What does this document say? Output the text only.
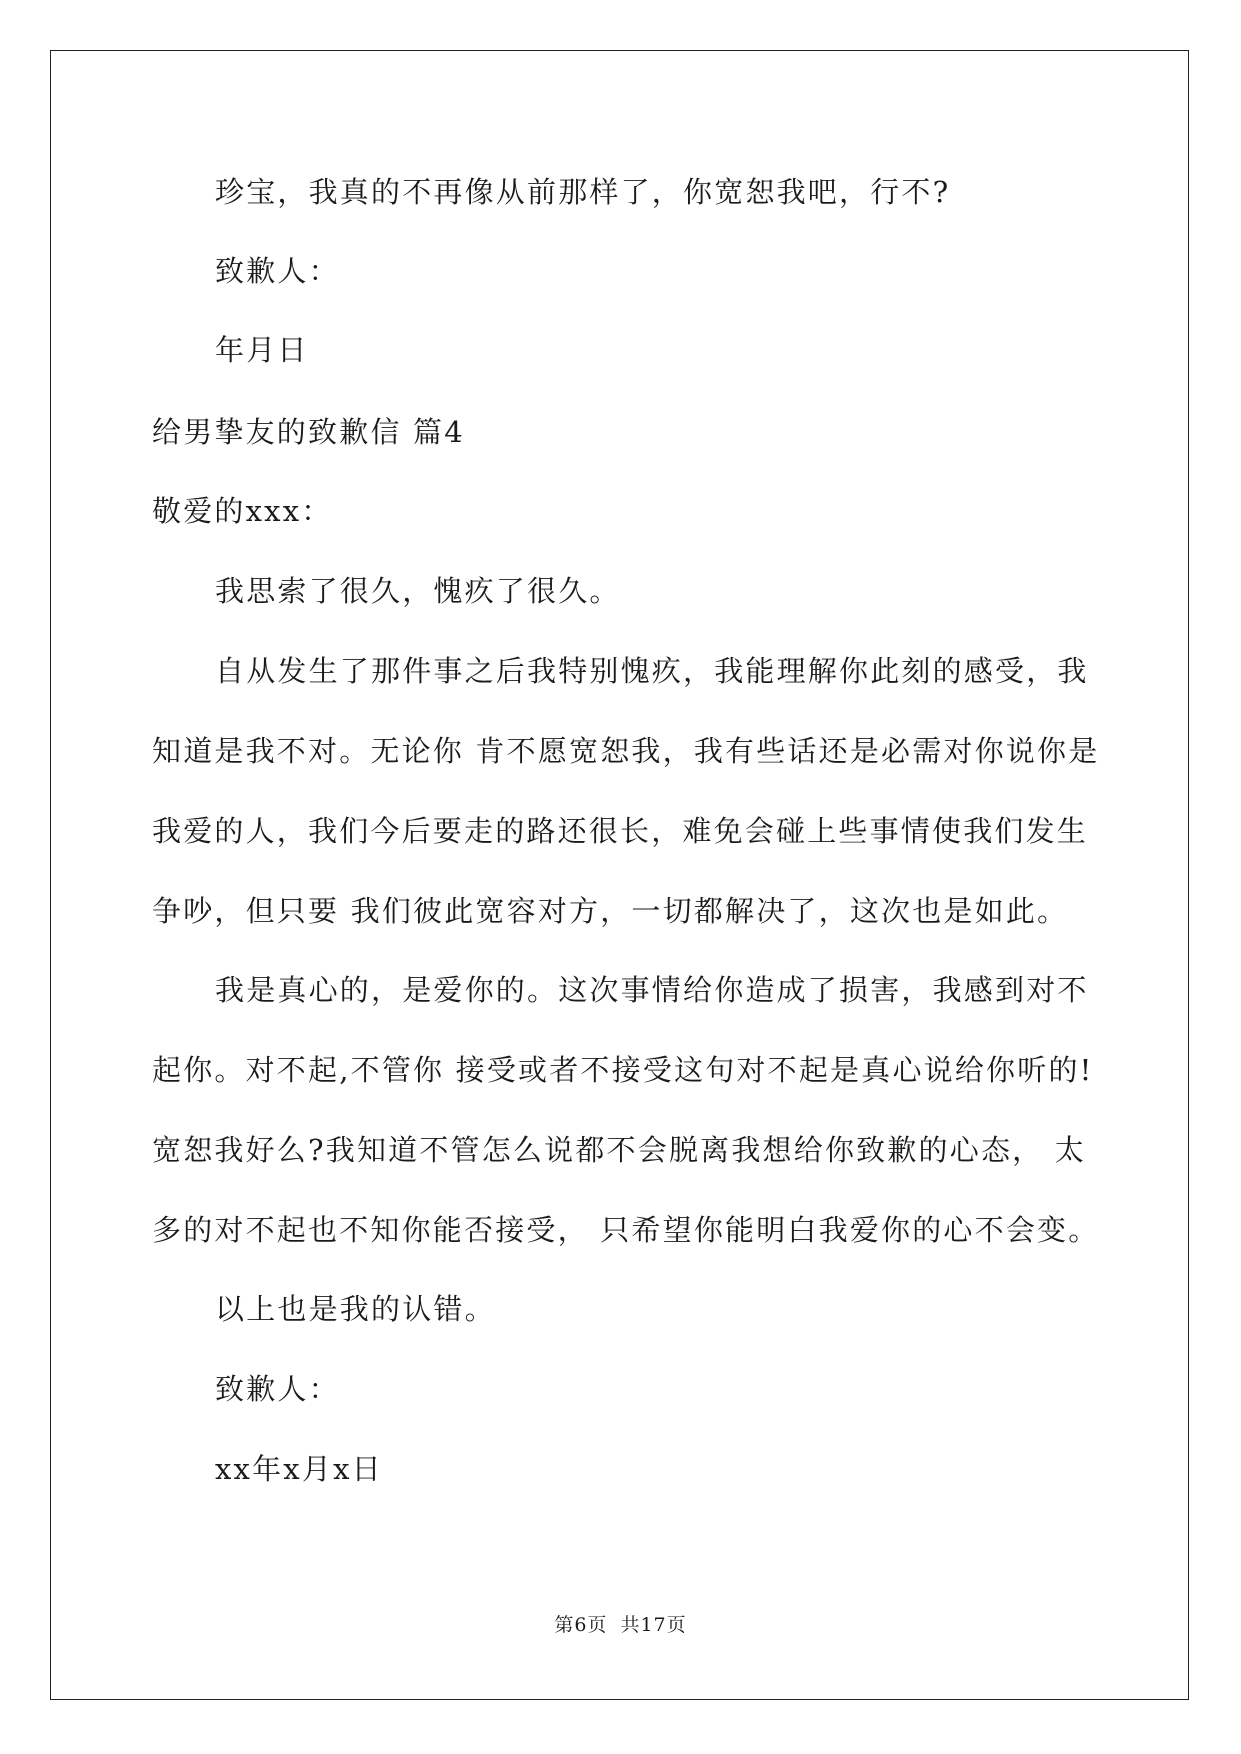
珍宝，我真的不再像从前那样了，你宽恕我吧，行不?
致歉人：
年月日
给男挚友的致歉信 篇4
敬爱的xxx：
我思索了很久，愧疚了很久。
自从发生了那件事之后我特别愧疚，我能理解你此刻的感受，我
知道是我不对。无论你 肯不愿宽恕我，我有些话还是必需对你说你是
我爱的人，我们今后要走的路还很长，难免会碰上些事情使我们发生
争吵，但只要 我们彼此宽容对方，一切都解决了，这次也是如此。
我是真心的，是爱你的。这次事情给你造成了损害，我感到对不
起你。对不起,不管你 接受或者不接受这句对不起是真心说给你听的!
宽恕我好么?我知道不管怎么说都不会脱离我想给你致歉的心态， 太
多的对不起也不知你能否接受， 只希望你能明白我爱你的心不会变。
以上也是我的认错。
致歉人：
xx年x月x日
第6页 共17页
